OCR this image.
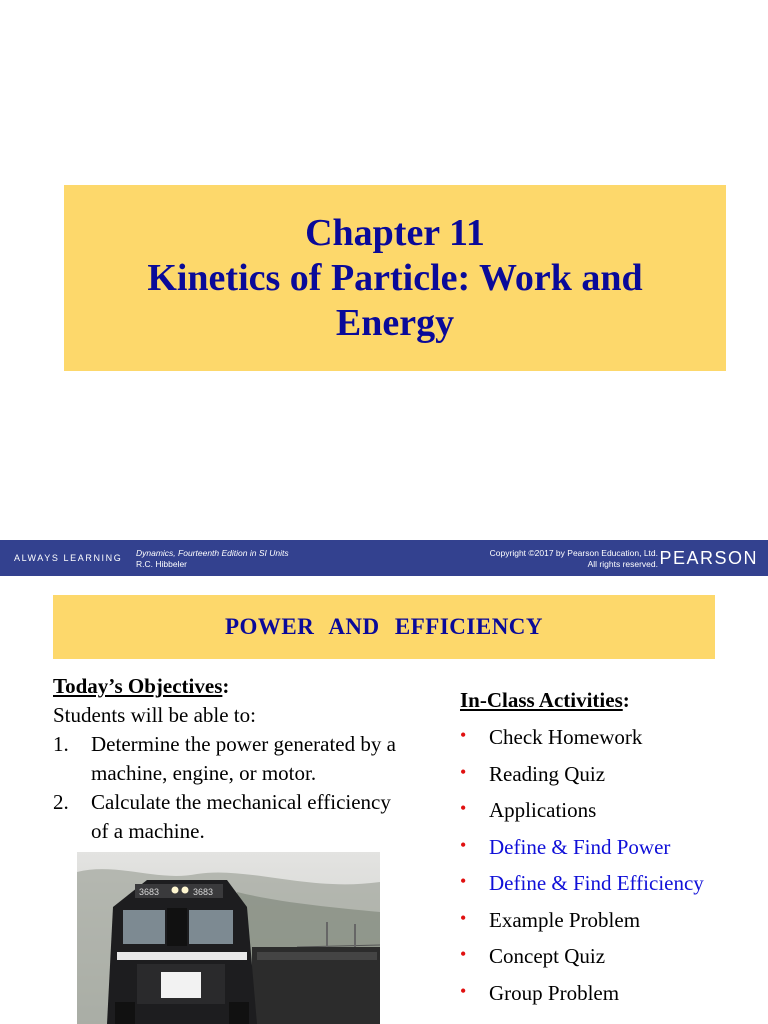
Chapter 11
Kinetics of Particle: Work and
Energy
ALWAYS LEARNING Dynamics, Fourteenth Edition in SI Units
R.C. Hibbeler
Copyright ©2017 by Pearson Education, Ltd.
All rights reserved. PEARSON
POWER AND EFFICIENCY
Today’s Objectives:
Students will be able to:
1.	Determine the power generated by a machine, engine, or motor.
2.	Calculate the mechanical efficiency of a machine.
3683	3683
In-Class Activities:
•	Check Homework
•	Reading Quiz
•	Applications
•	Define & Find Power
•	Define & Find Efficiency
•	Example Problem
•	Concept Quiz
•	Group Problem
